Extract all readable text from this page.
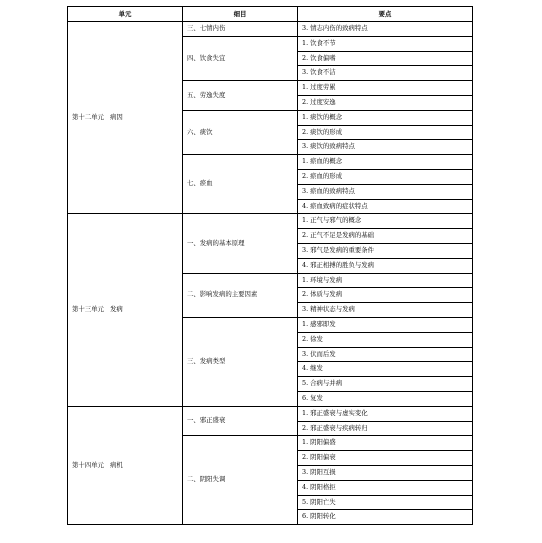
单元	细目	要点
第十二单元 病因	三、七情内伤	3. 情志内伤的致病特点
	四、饮食失宜	1. 饮食不节
		2. 饮食偏嗜
		3. 饮食不洁
	五、劳逸失度	1. 过度劳累
		2. 过度安逸
	六、痰饮	1. 痰饮的概念
		2. 痰饮的形成
		3. 痰饮的致病特点
	七、瘀血	1. 瘀血的概念
		2. 瘀血的形成
		3. 瘀血的致病特点
		4. 瘀血致病的症状特点
第十三单元 发病	一、发病的基本原理	1. 正气与邪气的概念
		2. 正气不足是发病的基础
		3. 邪气是发病的重要条件
		4. 邪正相搏的胜负与发病
	二、影响发病的主要因素	1. 环境与发病
		2. 体质与发病
		3. 精神状态与发病
	三、发病类型	1. 感邪即发
		2. 徐发
		3. 伏而后发
		4. 继发
		5. 合病与并病
		6. 复发
第十四单元 病机	一、邪正盛衰	1. 邪正盛衰与虚实变化
		2. 邪正盛衰与疾病转归
	二、阴阳失调	1. 阴阳偏盛
		2. 阴阳偏衰
		3. 阴阳互损
		4. 阴阳格拒
		5. 阴阳亡失
		6. 阴阳转化
